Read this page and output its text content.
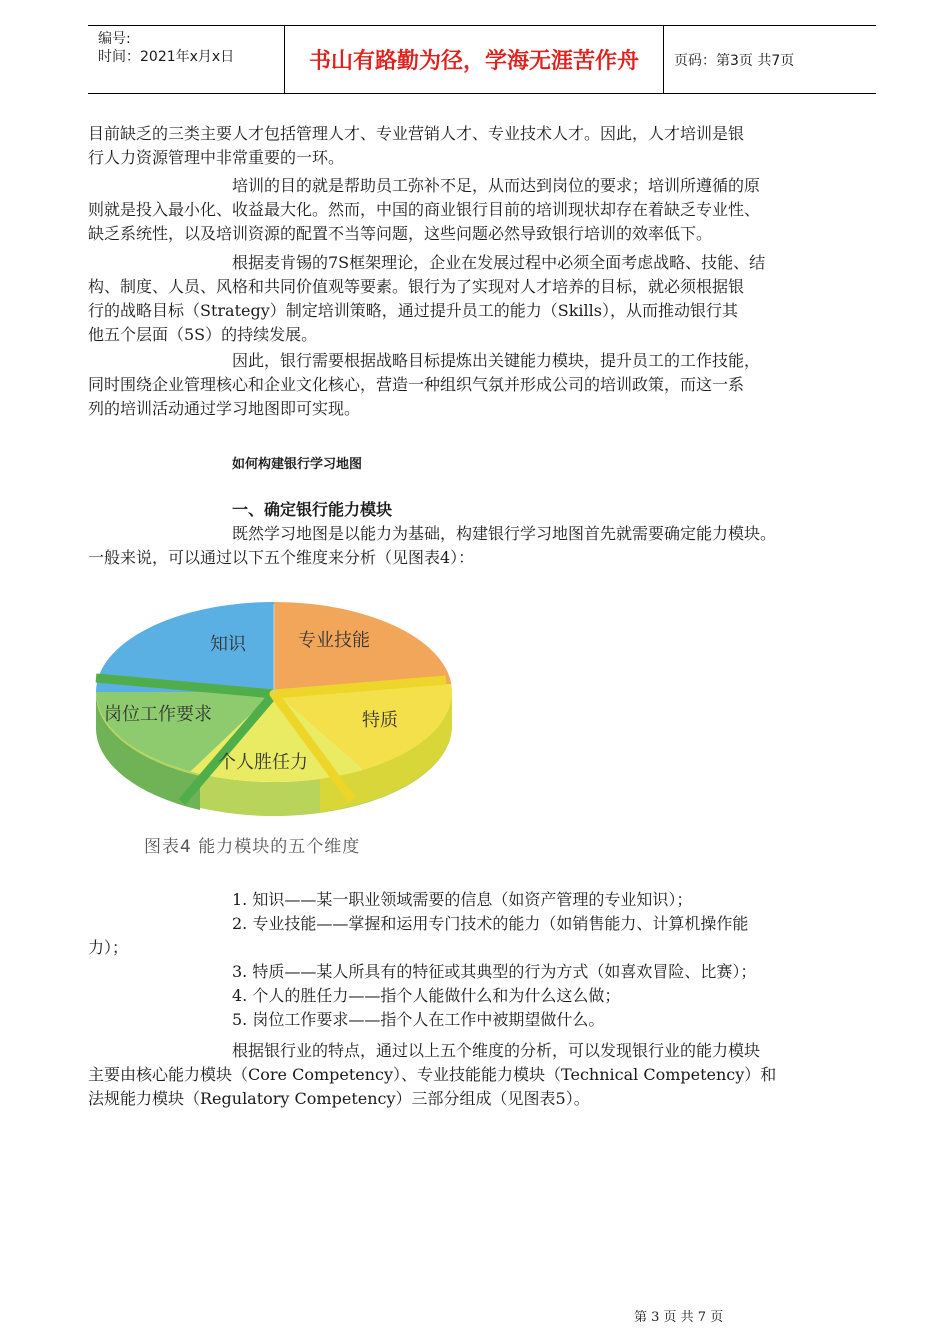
编号:
时间：2021年x月x日	书山有路勤为径，学海无涯苦作舟	页码：第3页 共7页

目前缺乏的三类主要人才包括管理人才、专业营销人才、专业技术人才。因此，人才培训是银

行人力资源管理中非常重要的一环。

培训的目的就是帮助员工弥补不足，从而达到岗位的要求；培训所遵循的原

则就是投入最小化、收益最大化。然而，中国的商业银行目前的培训现状却存在着缺乏专业性、

缺乏系统性，以及培训资源的配置不当等问题，这些问题必然导致银行培训的效率低下。

根据麦肯锡的7S框架理论，企业在发展过程中必须全面考虑战略、技能、结

构、制度、人员、风格和共同价值观等要素。银行为了实现对人才培养的目标，就必须根据银

行的战略目标（Strategy）制定培训策略，通过提升员工的能力（Skills），从而推动银行其

他五个层面（5S）的持续发展。

因此，银行需要根据战略目标提炼出关键能力模块，提升员工的工作技能，

同时围绕企业管理核心和企业文化核心，营造一种组织气氛并形成公司的培训政策，而这一系

列的培训活动通过学习地图即可实现。

如何构建银行学习地图
一、确定银行能力模块

既然学习地图是以能力为基础，构建银行学习地图首先就需要确定能力模块。

一般来说，可以通过以下五个维度来分析（见图表4）：

知识	专业技能
特质
个人胜任力
岗位工作要求
图表4 能力模块的五个维度

1. 知识——某一职业领域需要的信息（如资产管理的专业知识）；

2. 专业技能——掌握和运用专门技术的能力（如销售能力、计算机操作能

力）；

3. 特质——某人所具有的特征或其典型的行为方式（如喜欢冒险、比赛）；

4. 个人的胜任力——指个人能做什么和为什么这么做；

5. 岗位工作要求——指个人在工作中被期望做什么。

根据银行业的特点，通过以上五个维度的分析，可以发现银行业的能力模块

主要由核心能力模块（Core Competency）、专业技能能力模块（Technical Competency）和

法规能力模块（Regulatory Competency）三部分组成（见图表5）。

第 3 页 共 7 页
